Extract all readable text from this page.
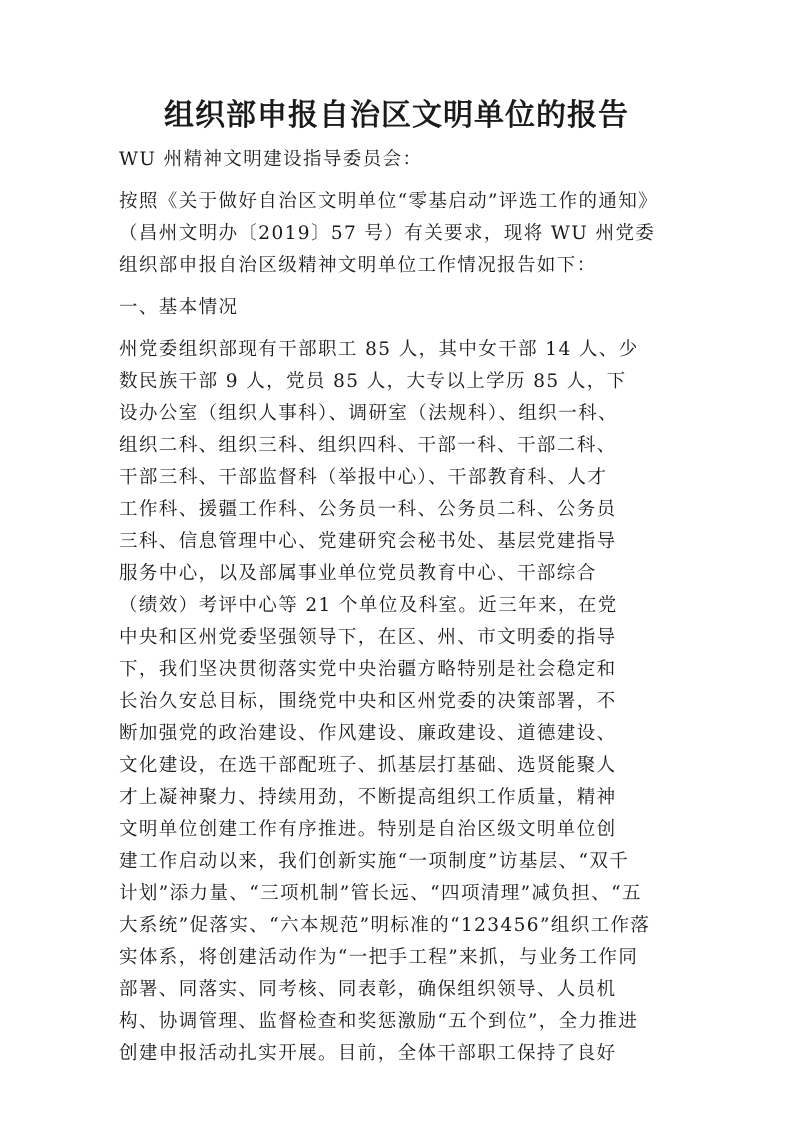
组织部申报自治区文明单位的报告
WU 州精神文明建设指导委员会：
按照《关于做好自治区文明单位“零基启动”评选工作的通知》
（昌州文明办〔2019〕57 号）有关要求，现将 WU 州党委
组织部申报自治区级精神文明单位工作情况报告如下：
一、基本情况
州党委组织部现有干部职工 85 人，其中女干部 14 人、少
数民族干部 9 人，党员 85 人，大专以上学历 85 人，下
设办公室（组织人事科）、调研室（法规科）、组织一科、
组织二科、组织三科、组织四科、干部一科、干部二科、
干部三科、干部监督科（举报中心）、干部教育科、人才
工作科、援疆工作科、公务员一科、公务员二科、公务员
三科、信息管理中心、党建研究会秘书处、基层党建指导
服务中心，以及部属事业单位党员教育中心、干部综合
（绩效）考评中心等 21 个单位及科室。近三年来，在党
中央和区州党委坚强领导下，在区、州、市文明委的指导
下，我们坚决贯彻落实党中央治疆方略特别是社会稳定和
长治久安总目标，围绕党中央和区州党委的决策部署，不
断加强党的政治建设、作风建设、廉政建设、道德建设、
文化建设，在选干部配班子、抓基层打基础、选贤能聚人
才上凝神聚力、持续用劲，不断提高组织工作质量，精神
文明单位创建工作有序推进。特别是自治区级文明单位创
建工作启动以来，我们创新实施“一项制度”访基层、“双千
计划”添力量、“三项机制”管长远、“四项清理”减负担、“五
大系统”促落实、“六本规范”明标准的“123456”组织工作落
实体系，将创建活动作为“一把手工程”来抓，与业务工作同
部署、同落实、同考核、同表彰，确保组织领导、人员机
构、协调管理、监督检查和奖惩激励“五个到位”，全力推进
创建申报活动扎实开展。目前，全体干部职工保持了良好
